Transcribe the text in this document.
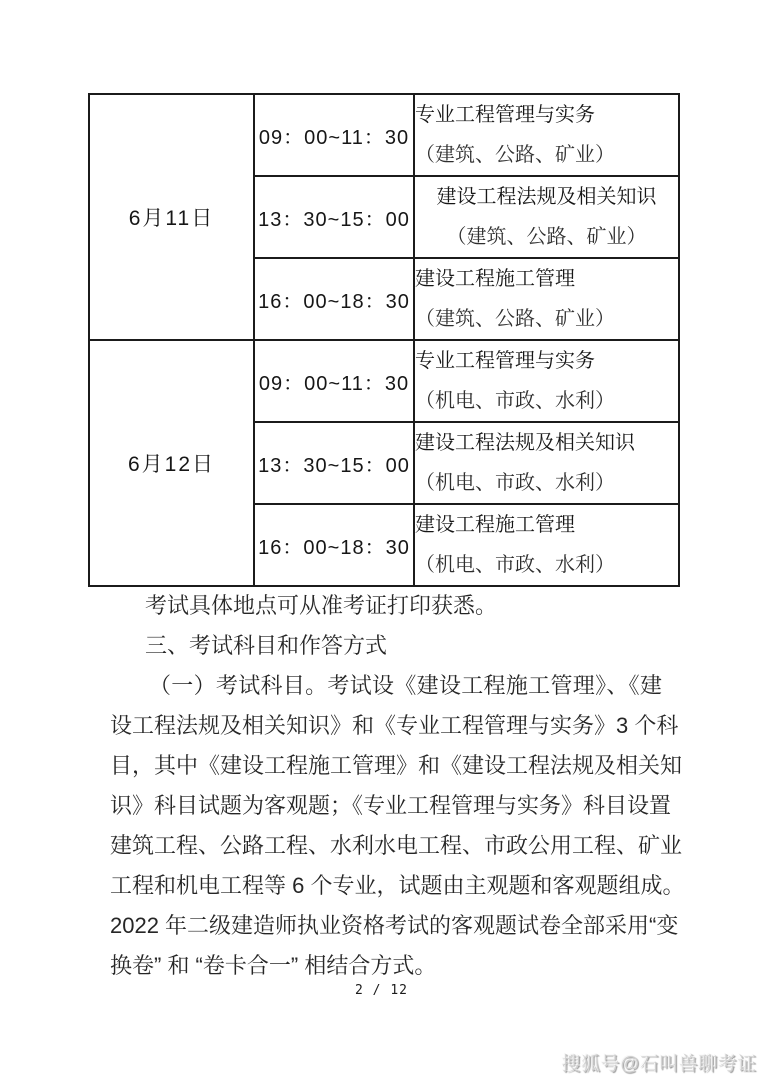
6月11日	09：00~11：30	专业工程管理与实务
（建筑、公路、矿业）

	13：30~15：00	建设工程法规及相关知识
（建筑、公路、矿业）

	16：00~18：30	建设工程施工管理
（建筑、公路、矿业）

6月12日	09：00~11：30	专业工程管理与实务
（机电、市政、水利）

	13：30~15：00	建设工程法规及相关知识
（机电、市政、水利）

	16：00~18：30	建设工程施工管理
（机电、市政、水利）
考试具体地点可从准考证打印获悉。
三、考试科目和作答方式
（一）考试科目。考试设《建设工程施工管理》、《建
设工程法规及相关知识》和《专业工程管理与实务》3 个科
目，其中《建设工程施工管理》和《建设工程法规及相关知
识》科目试题为客观题；《专业工程管理与实务》科目设置
建筑工程、公路工程、水利水电工程、市政公用工程、矿业
工程和机电工程等 6 个专业，试题由主观题和客观题组成。
2022 年二级建造师执业资格考试的客观题试卷全部采用“变
换卷” 和 “卷卡合一” 相结合方式。
2 / 12
搜狐号@石叫兽聊考证
